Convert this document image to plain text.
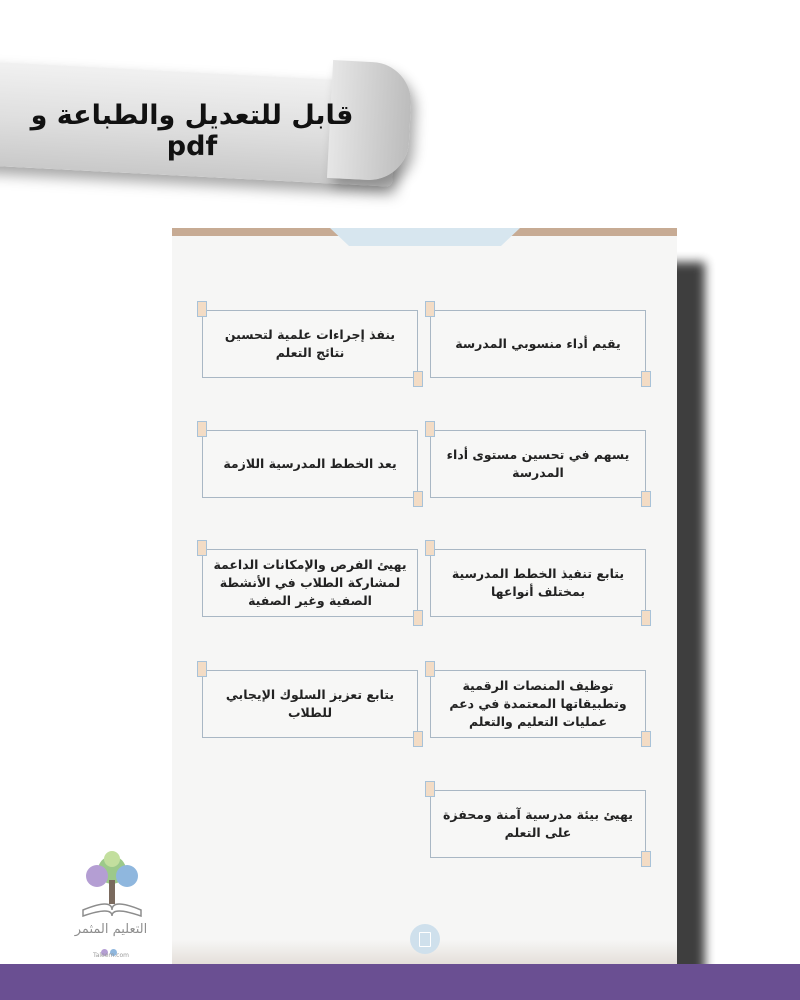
قابل للتعديل والطباعة و pdf
يقيم أداء منسوبي المدرسة
ينفذ إجراءات علمية لتحسين نتائج التعلم
يسهم في تحسين مستوى أداء المدرسة
يعد الخطط المدرسية اللازمة
يتابع تنفيذ الخطط المدرسية بمختلف أنواعها
يهيئ الفرص والإمكانات الداعمة لمشاركة الطلاب في الأنشطة الصفية وغير الصفية
توظيف المنصات الرقمية وتطبيقاتها المعتمدة في دعم عمليات التعليم والتعلم
يتابع تعزيز السلوك الإيجابي للطلاب
يهيئ بيئة مدرسية آمنة ومحفزة على التعلم
التعليم المثمر
Taleem.com
